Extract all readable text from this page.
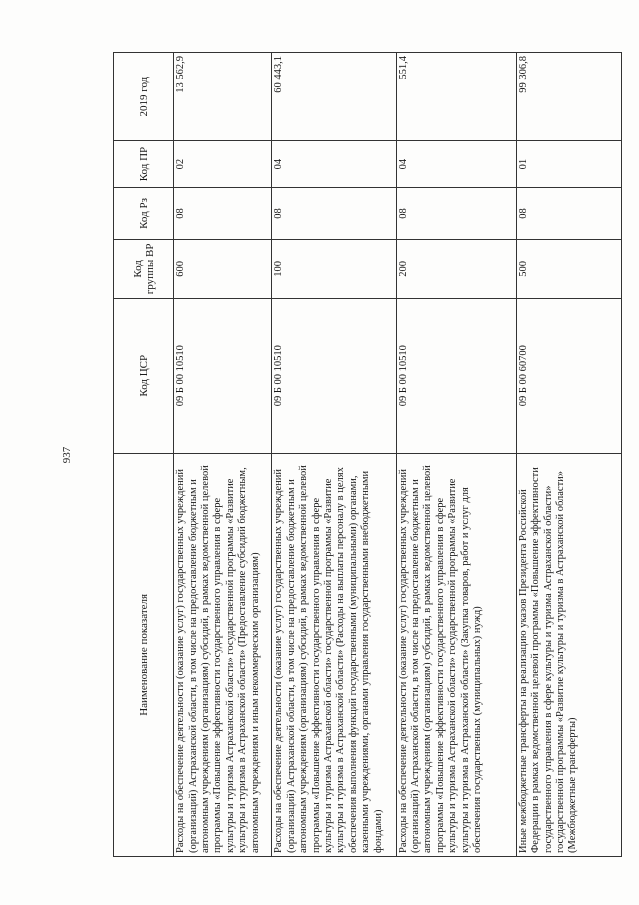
937
Наименование показателя	Код ЦСР	Код группы ВР	Код Рз	Код ПР	2019 год
Расходы на обеспечение деятельности (оказание услуг) государственных учреждений (организаций) Астраханской области, в том числе на предоставление бюджетным и автономным учреждениям (организациям) субсидий, в рамках ведомственной целевой программы «Повышение эффективности государственного управления в сфере культуры и туризма Астраханской области» государственной программы «Развитие культуры и туризма в Астраханской области» (Предоставление субсидий бюджетным, автономным учреждениям и иным некоммерческим организациям)	09 Б 00 10510	600	08	02	13 562,9
Расходы на обеспечение деятельности (оказание услуг) государственных учреждений (организаций) Астраханской области, в том числе на предоставление бюджетным и автономным учреждениям (организациям) субсидий, в рамках ведомственной целевой программы «Повышение эффективности государственного управления в сфере культуры и туризма Астраханской области» государственной программы «Развитие культуры и туризма в Астраханской области» (Расходы на выплаты персоналу в целях обеспечения выполнения функций государственными (муниципальными) органами, казенными учреждениями, органами управления государственными внебюджетными фондами)	09 Б 00 10510	100	08	04	60 443,1
Расходы на обеспечение деятельности (оказание услуг) государственных учреждений (организаций) Астраханской области, в том числе на предоставление бюджетным и автономным учреждениям (организациям) субсидий, в рамках ведомственной целевой программы «Повышение эффективности государственного управления в сфере культуры и туризма Астраханской области» государственной программы «Развитие культуры и туризма в Астраханской области» (Закупка товаров, работ и услуг для обеспечения государственных (муниципальных) нужд)	09 Б 00 10510	200	08	04	551,4
Иные межбюджетные трансферты на реализацию указов Президента Российской Федерации в рамках ведомственной целевой программы «Повышение эффективности государственного управления в сфере культуры и туризма Астраханской области» государственной программы «Развитие культуры и туризма в Астраханской области» (Межбюджетные трансферты)	09 Б 00 60700	500	08	01	99 306,8
